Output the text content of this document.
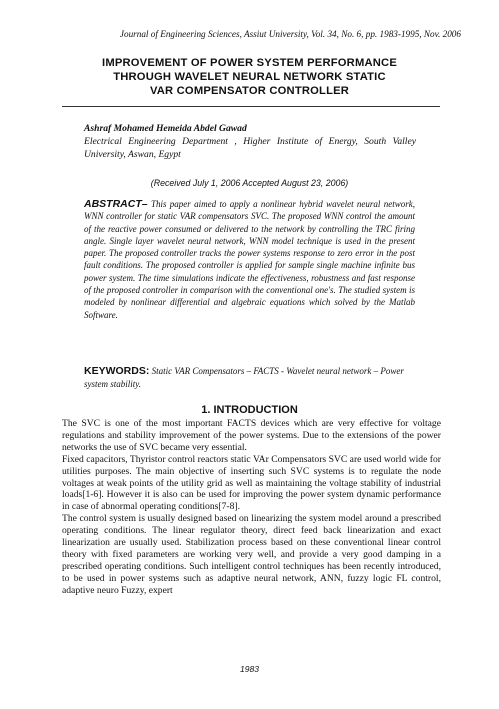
Journal of Engineering Sciences, Assiut University, Vol. 34, No. 6, pp. 1983-1995, Nov. 2006
IMPROVEMENT OF POWER SYSTEM PERFORMANCE
THROUGH WAVELET NEURAL NETWORK STATIC
VAR COMPENSATOR CONTROLLER
Ashraf Mohamed Hemeida Abdel Gawad
Electrical Engineering Department , Higher Institute of Energy, South Valley University, Aswan, Egypt
(Received July 1, 2006 Accepted August 23, 2006)
ABSTRACT– This paper aimed to apply a nonlinear hybrid wavelet neural network, WNN controller for static VAR compensators SVC. The proposed WNN control the amount of the reactive power consumed or delivered to the network by controlling the TRC firing angle. Single layer wavelet neural network, WNN model technique is used in the present paper. The proposed controller tracks the power systems response to zero error in the post fault conditions. The proposed controller is applied for sample single machine infinite bus power system. The time simulations indicate the effectiveness, robustness and fast response of the proposed controller in comparison with the conventional one's. The studied system is modeled by nonlinear differential and algebraic equations which solved by the Matlab Software.
KEYWORDS: Static VAR Compensators – FACTS - Wavelet neural network – Power system stability.
1. INTRODUCTION

The SVC is one of the most important FACTS devices which are very effective for voltage regulations and stability improvement of the power systems. Due to the extensions of the power networks the use of SVC became very essential.

Fixed capacitors, Thyristor control reactors static VAr Compensators SVC are used world wide for utilities purposes. The main objective of inserting such SVC systems is to regulate the node voltages at weak points of the utility grid as well as maintaining the voltage stability of industrial loads[1-6]. However it is also can be used for improving the power system dynamic performance in case of abnormal operating conditions[7-8].

The control system is usually designed based on linearizing the system model around a prescribed operating conditions. The linear regulator theory, direct feed back linearization and exact linearization are usually used. Stabilization process based on these conventional linear control theory with fixed parameters are working very well, and provide a very good damping in a prescribed operating conditions. Such intelligent control techniques has been recently introduced, to be used in power systems such as adaptive neural network, ANN, fuzzy logic FL control, adaptive neuro Fuzzy, expert

1983
